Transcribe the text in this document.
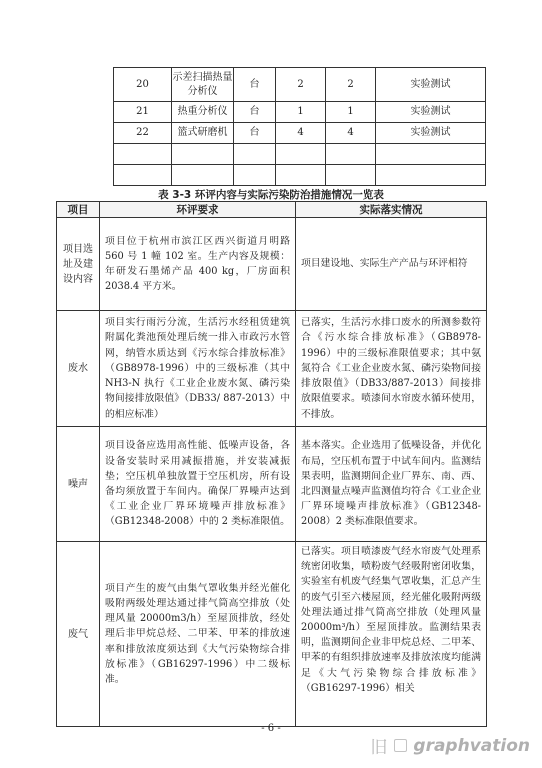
20	示差扫描热量分析仪	台	2	2	实验测试
21	热重分析仪	台	1	1	实验测试
22	篮式研磨机	台	4	4	实验测试

表 3-3 环评内容与实际污染防治措施情况一览表
项目	环评要求	实际落实情况
项目选址及建设内容	项目位于杭州市滨江区西兴街道月明路 560 号 1 幢 102 室。生产内容及规模：年研发石墨烯产品 400 kg，厂房面积 2038.4 平方米。	项目建设地、实际生产产品与环评相符
废水	项目实行雨污分流，生活污水经租赁建筑附属化粪池预处理后统一排入市政污水管网，纳管水质达到《污水综合排放标准》（GB8978-1996）中的三级标准（其中 NH3-N 执行《工业企业废水氮、磷污染物间接排放限值》（DB33/ 887-2013）中的相应标准）	已落实，生活污水排口废水的所测参数符合《污水综合排放标准》（GB8978-1996）中的三级标准限值要求；其中氨氮符合《工业企业废水氮、磷污染物间接排放限值》（DB33/887-2013）间接排放限值要求。喷漆间水帘废水循环使用，不排放。
噪声	项目设备应选用高性能、低噪声设备，各设备安装时采用减振措施，并安装减振垫；空压机单独放置于空压机房，所有设备均须放置于车间内。确保厂界噪声达到《工业企业厂界环境噪声排放标准》（GB12348-2008）中的 2 类标准限值。	基本落实。企业选用了低噪设备，并优化布局，空压机布置于中试车间内。监测结果表明，监测期间企业厂界东、南、西、北四测量点噪声监测值均符合《工业企业厂界环境噪声排放标准》（GB12348-2008）2 类标准限值要求。
废气	项目产生的废气由集气罩收集并经光催化吸附两级处理达通过排气筒高空排放（处理风量 20000m3/h）至屋顶排放，经处理后非甲烷总烃、二甲苯、甲苯的排放速率和排放浓度须达到《大气污染物综合排放标准》（GB16297-1996）中二级标准。	已落实。项目喷漆废气经水帘废气处理系统密闭收集，喷粉废气经吸附密闭收集，实验室有机废气经集气罩收集，汇总产生的废气引至六楼屋顶，经光催化吸附两级处理法通过排气筒高空排放（处理风量 20000m³/h）至屋顶排放。监测结果表明，监测期间企业非甲烷总烃、二甲苯、甲苯的有组织排放速率及排放浓度均能满足《大气污染物综合排放标准》（GB16297-1996）相关
- 6 -
旧 graphvation
